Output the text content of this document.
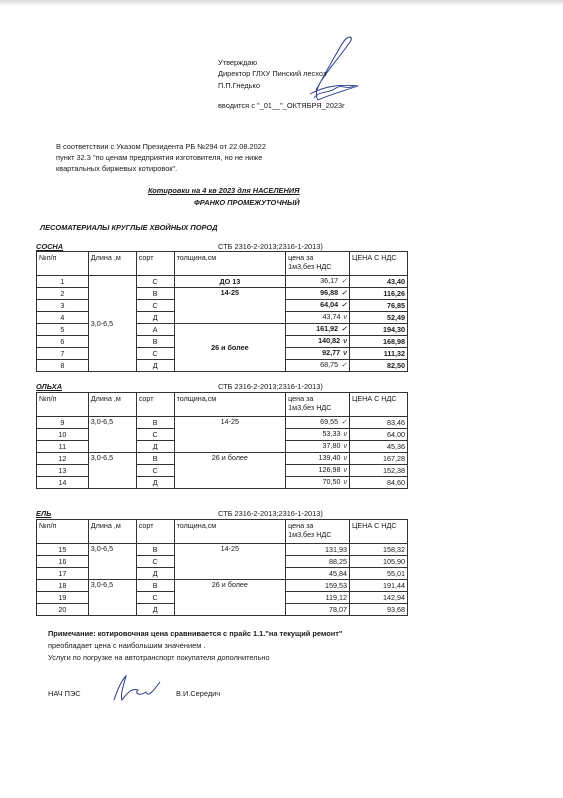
Утверждаю
Директор ГЛХУ Пинский лесхоз
П.П.Гнедько
вводится с "_01__"_ОКТЯБРЯ_2023г
В соответствии с Указом Президента РБ №294 от 22.08.2022
пункт 32.3 "по ценам предприятия изготовителя, но не ниже
квартальных биржевых котировок".
Котировки на 4 кв 2023 для НАСЕЛЕНИЯ
ФРАНКО ПРОМЕЖУТОЧНЫЙ
ЛЕСОМАТЕРИАЛЫ КРУГЛЫЕ ХВОЙНЫХ ПОРОД
СОСНА	СТБ 2316-2-2013;2316-1-2013)
№п/п	Длина ,м	сорт	толщина,см	цена за
1м3,без НДС	ЦЕНА С НДС
1	3,0-6,5	С	ДО 13	36,17 ✓	43,40
2		В	14-25	96,88 ✓	116,26
3		С		64,04 ✓	76,85
4		Д		43,74 ν	52,49
5		А	26 и более	161,92 ✓	194,30
6		В		140,82 ν	168,98
7		С		92,77 ν	111,32
8		Д		68,75 ✓	82,50
ОЛЬХА	СТБ 2316-2-2013;2316-1-2013)
№п/п	Длина ,м	сорт	толщина,см	цена за
1м3,без НДС	ЦЕНА С НДС
9	3,0-6,5	В	14-25	69,55 ✓	83,46
10		С		53,33 ν	64,00
11		Д		37,80 ν	45,36
12	3,0-6,5	В	26 и более	139,40 ν	167,28
13		С		126,98 ν	152,38
14		Д		70,50 ν	84,60
ЕЛЬ	СТБ 2316-2-2013;2316-1-2013)
№п/п	Длина ,м	сорт	толщина,см	цена за
1м3,без НДС	ЦЕНА С НДС
15	3,0-6,5	В	14-25	131,93	158,32
16		С		88,25	105,90
17		Д		45,84	55,01
18	3,0-6,5	В	26 и более	159,53	191,44
19		С		119,12	142,94
20		Д		78,07	93,68
Примечание: котировочная цена сравнивается с прайс 1.1."на текущий ремонт"
преобладает цена с наибольшим значением .
Услуги по погрузке на автотранспорт покупателя дополнительно
НАЧ ПЭС	В.И.Середич
